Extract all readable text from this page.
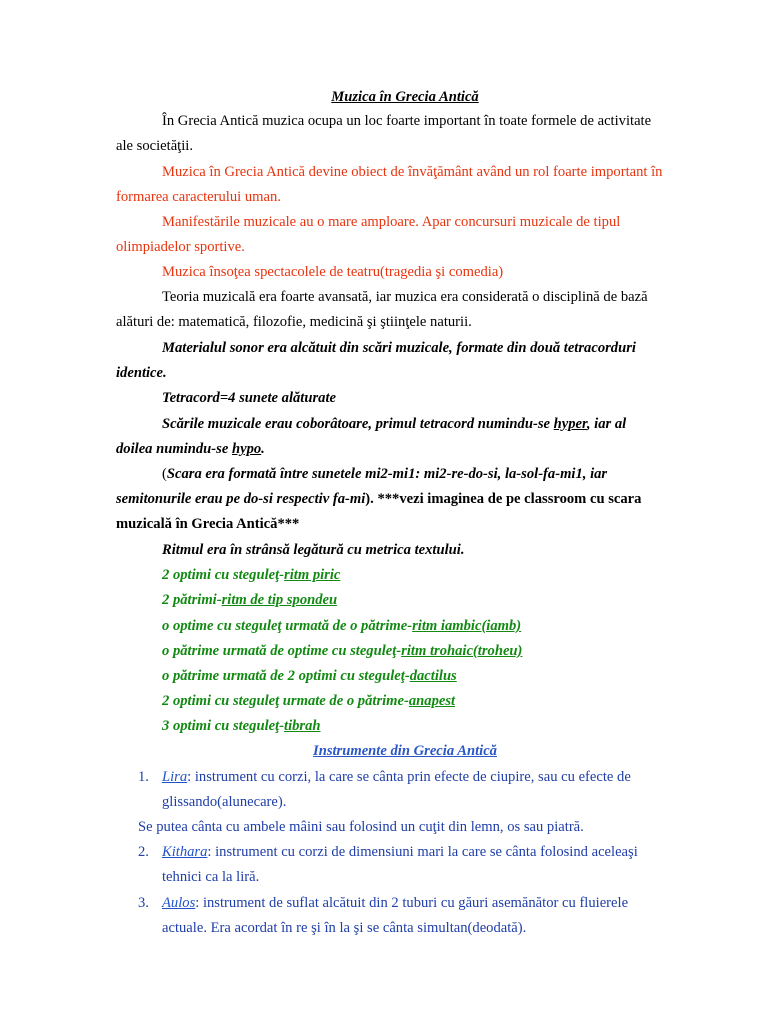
Muzica în Grecia Antică
În Grecia Antică muzica ocupa un loc foarte important în toate formele de activitate
ale societăţii.
Muzica în Grecia Antică devine obiect de învăţământ având un rol foarte important în
formarea caracterului uman.
Manifestările muzicale au o mare amploare. Apar concursuri muzicale de tipul
olimpiadelor sportive.
Muzica însoţea spectacolele de teatru(tragedia şi comedia)
Teoria muzicală era foarte avansată, iar muzica era considerată o disciplină de bază
alături de: matematică, filozofie, medicină şi ştiinţele naturii.
Materialul sonor era alcătuit din scări muzicale, formate din două tetracorduri
identice.
Tetracord=4 sunete alăturate
Scările muzicale erau coborâtoare, primul tetracord numindu-se hyper, iar al
doilea numindu-se hypo.
(Scara era formată între sunetele mi2-mi1: mi2-re-do-si, la-sol-fa-mi1, iar
semitonurile erau pe do-si respectiv fa-mi). ***vezi imaginea de pe classroom cu scara
muzicală în Grecia Antică***
Ritmul era în strânsă legătură cu metrica textului.
2 optimi cu steguleţ-ritm piric
2 pătrimi-ritm de tip spondeu
o optime cu steguleţ urmată de o pătrime-ritm iambic(iamb)
o pătrime urmată de optime cu steguleţ-ritm trohaic(troheu)
o pătrime urmată de 2 optimi cu steguleţ-dactilus
2 optimi cu steguleţ urmate de o pătrime-anapest
3 optimi cu steguleţ-tibrah
Instrumente din Grecia Antică
1. Lira: instrument cu corzi, la care se cânta prin efecte de ciupire, sau cu efecte de
glissando(alunecare).
Se putea cânta cu ambele mâini sau folosind un cuţit din lemn, os sau piatră.
2. Kithara: instrument cu corzi de dimensiuni mari la care se cânta folosind aceleaşi
tehnici ca la liră.
3. Aulos: instrument de suflat alcătuit din 2 tuburi cu găuri asemănător cu fluierele
actuale. Era acordat în re şi în la şi se cânta simultan(deodată).
